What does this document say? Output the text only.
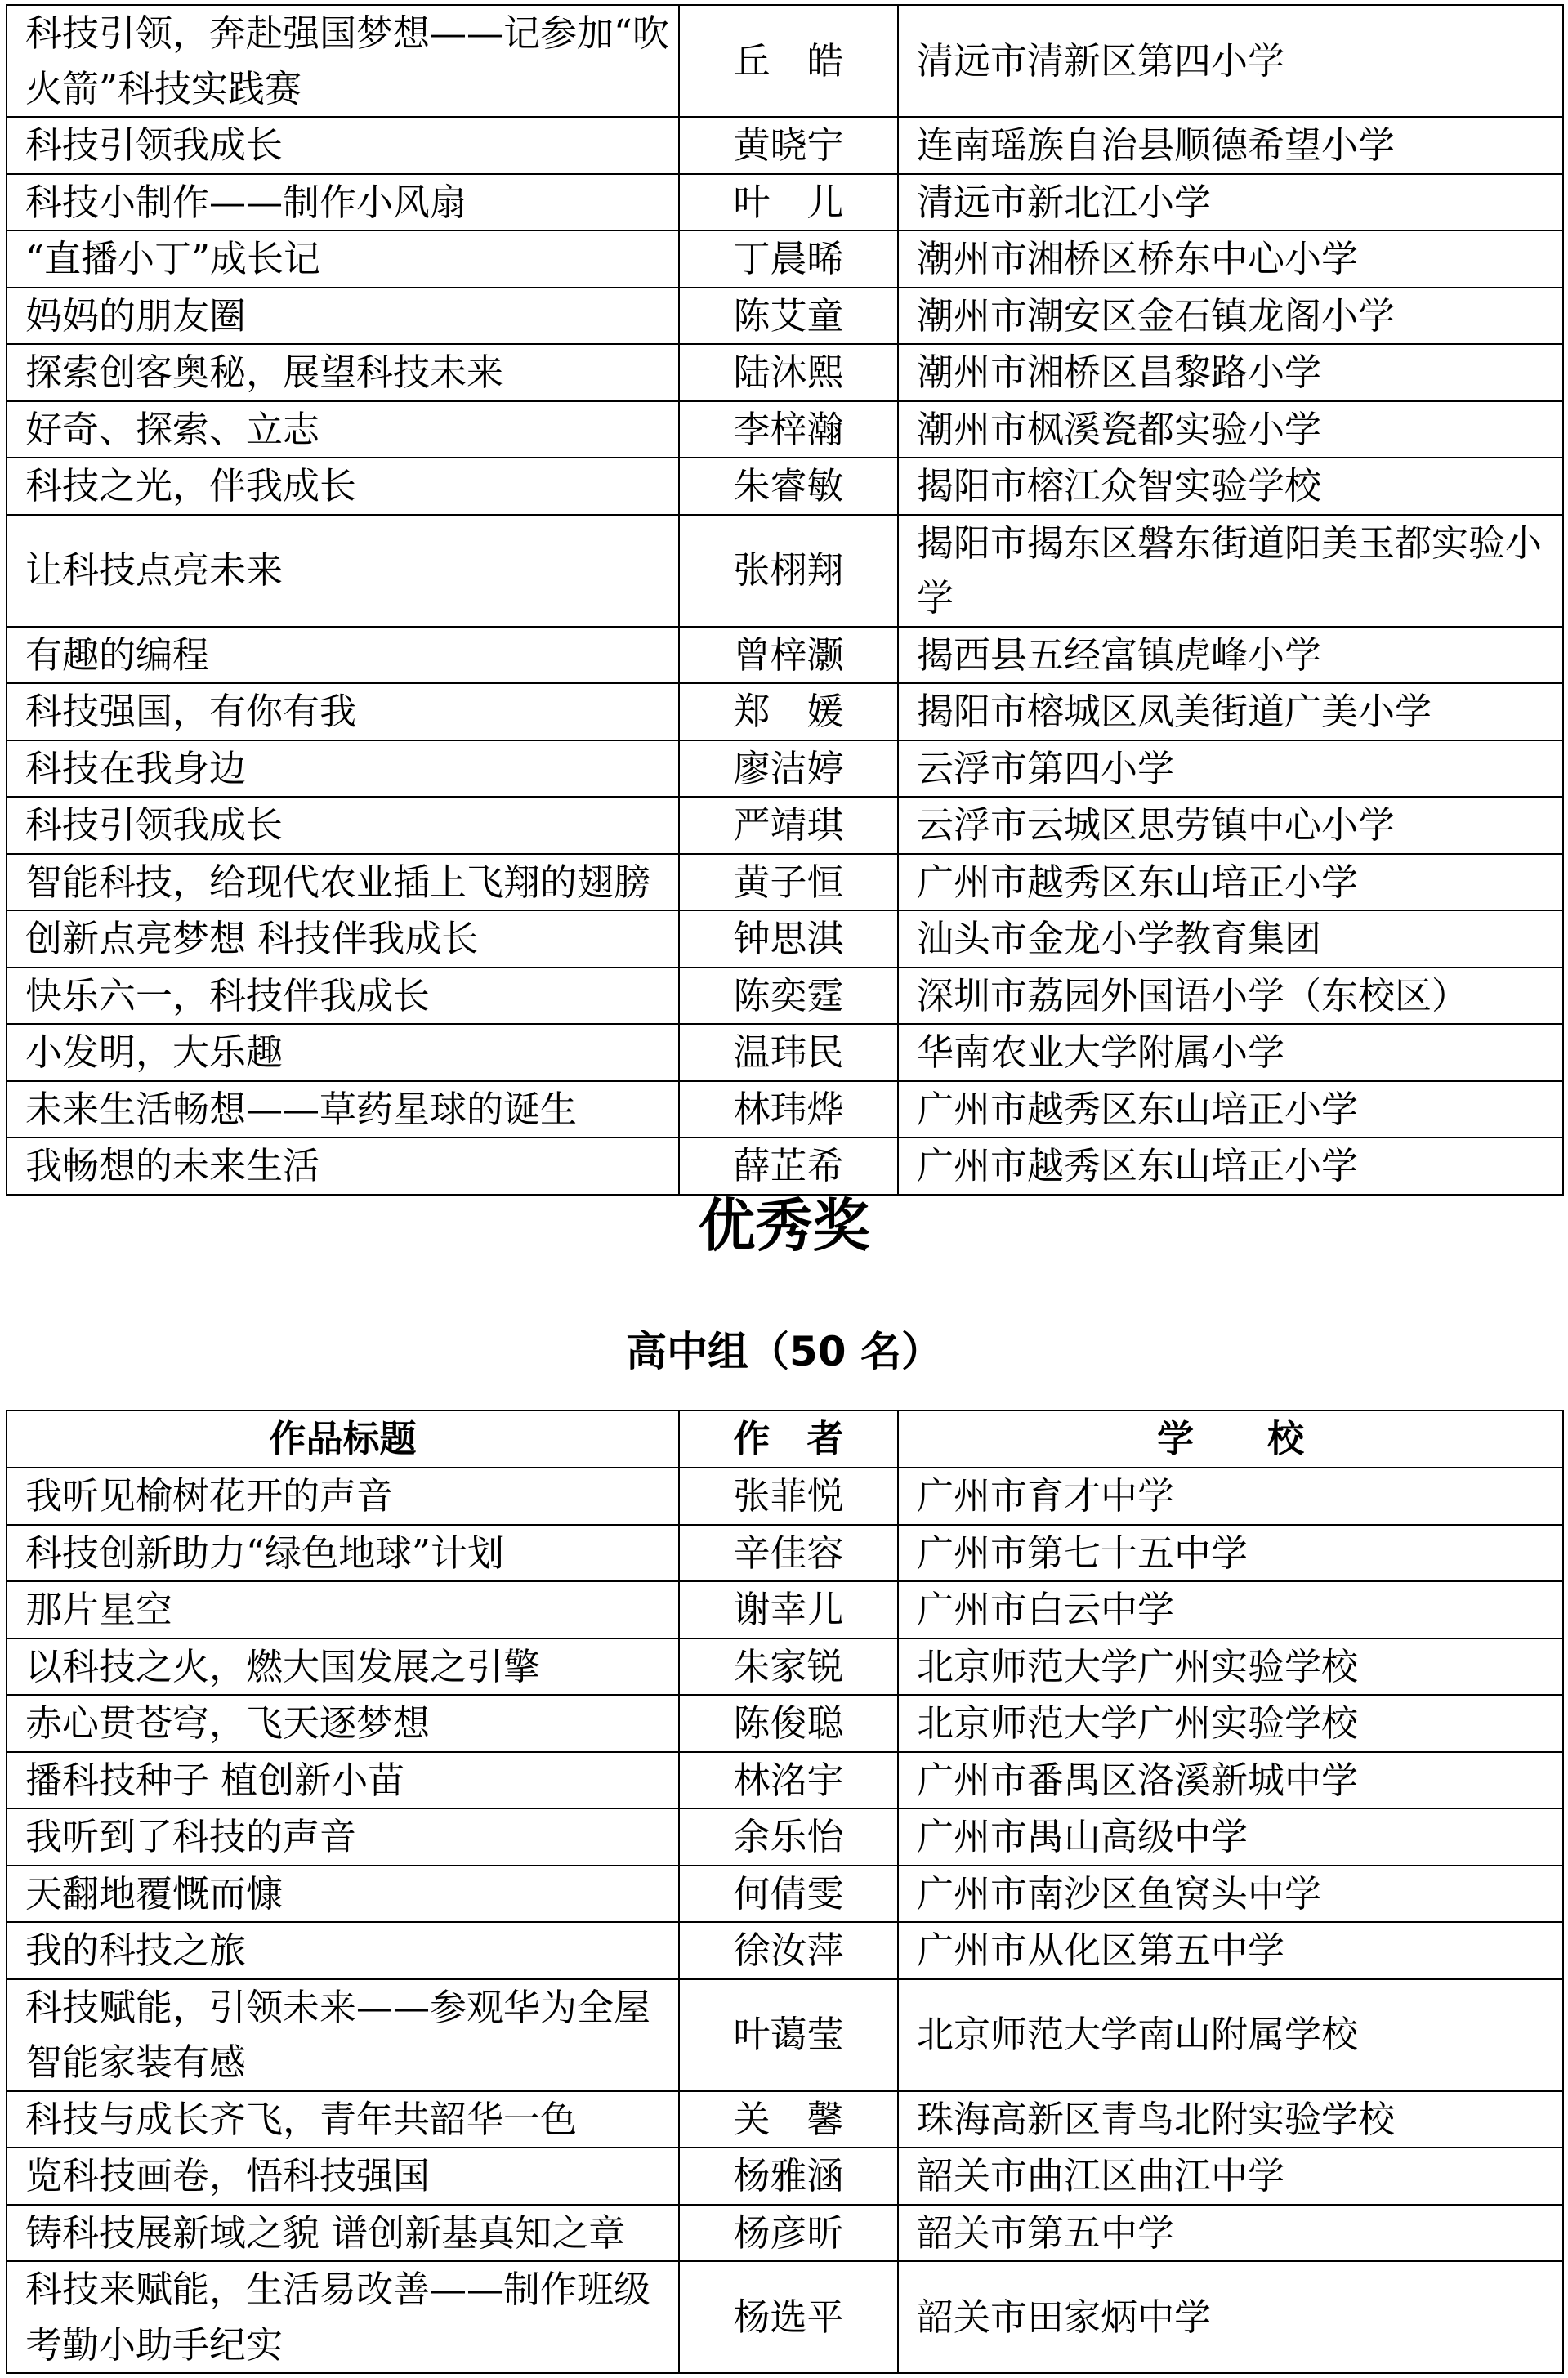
科技引领，奔赴强国梦想——记参加“吹火箭”科技实践赛	丘　皓	清远市清新区第四小学
科技引领我成长	黄晓宁	连南瑶族自治县顺德希望小学
科技小制作——制作小风扇	叶　儿	清远市新北江小学
“直播小丁”成长记	丁晨晞	潮州市湘桥区桥东中心小学
妈妈的朋友圈	陈艾童	潮州市潮安区金石镇龙阁小学
探索创客奥秘，展望科技未来	陆沐熙	潮州市湘桥区昌黎路小学
好奇、探索、立志	李梓瀚	潮州市枫溪瓷都实验小学
科技之光，伴我成长	朱睿敏	揭阳市榕江众智实验学校
让科技点亮未来	张栩翔	揭阳市揭东区磐东街道阳美玉都实验小学
有趣的编程	曾梓灏	揭西县五经富镇虎峰小学
科技强国，有你有我	郑　媛	揭阳市榕城区凤美街道广美小学
科技在我身边	廖洁婷	云浮市第四小学
科技引领我成长	严靖琪	云浮市云城区思劳镇中心小学
智能科技，给现代农业插上飞翔的翅膀	黄子恒	广州市越秀区东山培正小学
创新点亮梦想 科技伴我成长	钟思淇	汕头市金龙小学教育集团
快乐六一，科技伴我成长	陈奕霆	深圳市荔园外国语小学（东校区）
小发明，大乐趣	温玮民	华南农业大学附属小学
未来生活畅想——草药星球的诞生	林玮烨	广州市越秀区东山培正小学
我畅想的未来生活	薛芷希	广州市越秀区东山培正小学
优秀奖
高中组（50 名）
作品标题	作　者	学　　校
我听见榆树花开的声音	张菲悦	广州市育才中学
科技创新助力“绿色地球”计划	辛佳容	广州市第七十五中学
那片星空	谢幸儿	广州市白云中学
以科技之火，燃大国发展之引擎	朱家锐	北京师范大学广州实验学校
赤心贯苍穹，飞天逐梦想	陈俊聪	北京师范大学广州实验学校
播科技种子 植创新小苗	林洺宇	广州市番禺区洛溪新城中学
我听到了科技的声音	余乐怡	广州市禺山高级中学
天翻地覆慨而慷	何倩雯	广州市南沙区鱼窝头中学
我的科技之旅	徐汝萍	广州市从化区第五中学
科技赋能，引领未来——参观华为全屋智能家装有感	叶蔼莹	北京师范大学南山附属学校
科技与成长齐飞，青年共韶华一色	关　馨	珠海高新区青鸟北附实验学校
览科技画卷，悟科技强国	杨雅涵	韶关市曲江区曲江中学
铸科技展新域之貌 谱创新基真知之章	杨彦昕	韶关市第五中学
科技来赋能，生活易改善——制作班级考勤小助手纪实	杨选平	韶关市田家炳中学
